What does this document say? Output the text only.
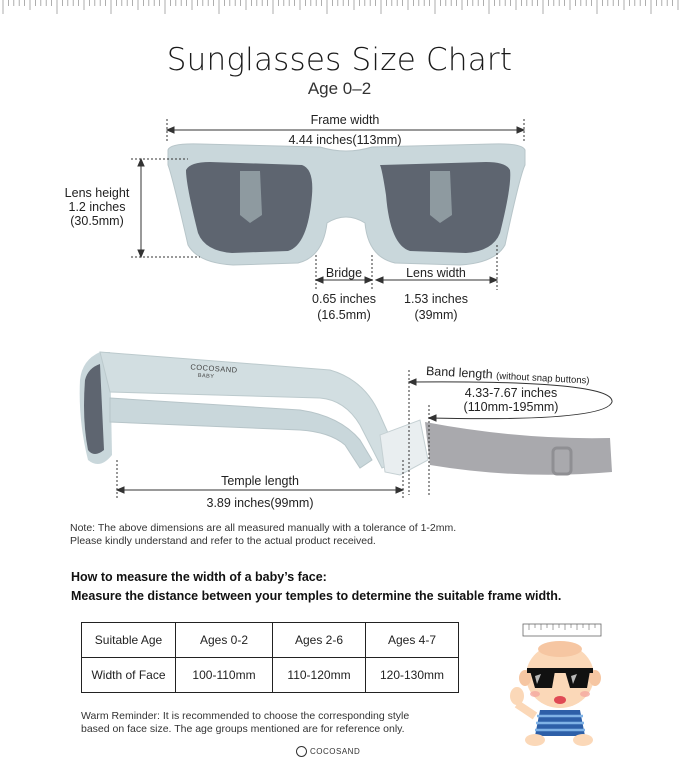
Sunglasses Size Chart
Age 0–2
Frame width
4.44 inches(113mm)
Lens height
1.2 inches
(30.5mm)
Bridge
0.65 inches
(16.5mm)
Lens width
1.53 inches
(39mm)
COCOSAND
BABY	Band length (without snap buttons)
4.33-7.67 inches
(110mm-195mm)
Temple length
3.89 inches(99mm)
Note: The above dimensions are all measured manually with a tolerance of 1-2mm.
Please kindly understand and refer to the actual product received.
How to measure the width of a baby’s face:
Measure the distance between your temples to determine the suitable frame width.
Suitable Age	Ages 0-2	Ages 2-6	Ages 4-7
Width of Face	100-110mm	110-120mm	120-130mm
Warm Reminder: It is recommended to choose the corresponding style
based on face size. The age groups mentioned are for reference only.
COCOSAND
